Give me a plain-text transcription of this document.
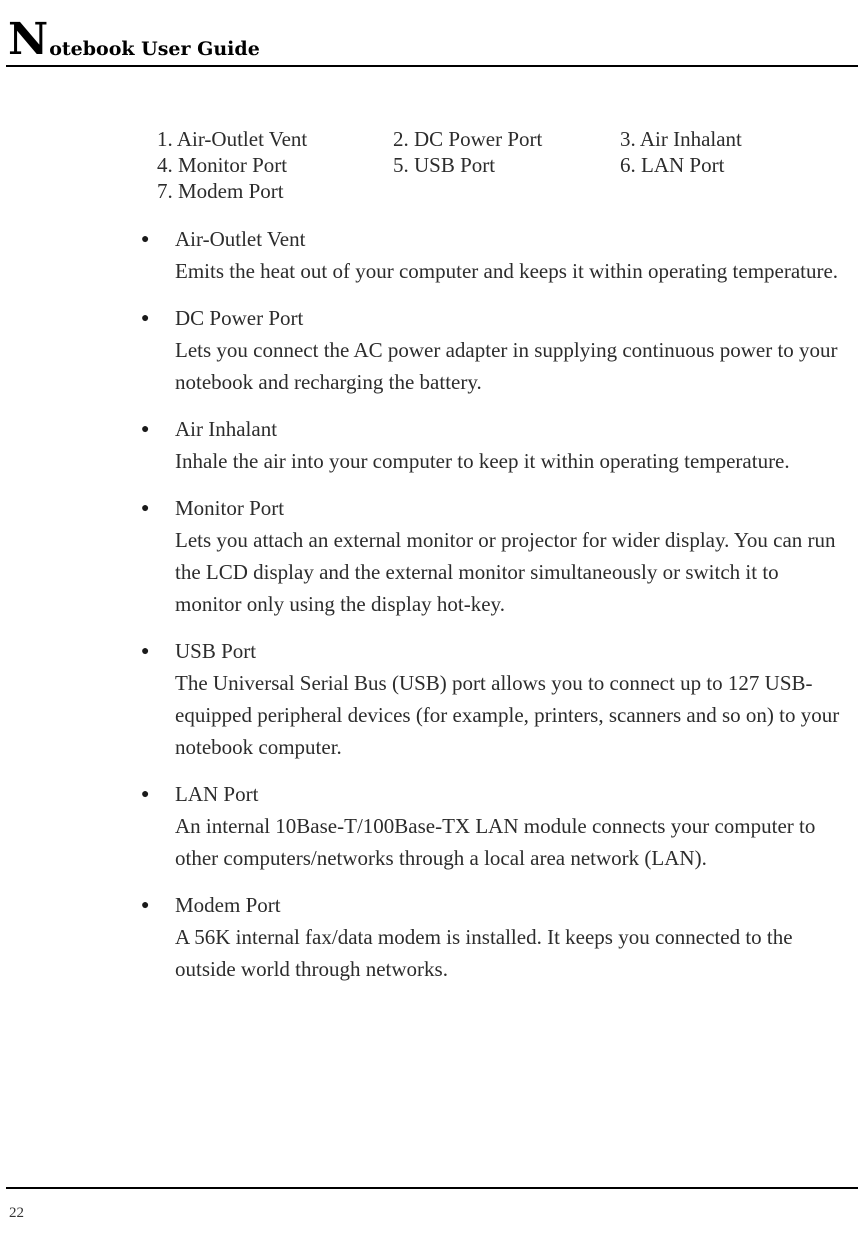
N otebook User Guide
1. Air-Outlet Vent	2. DC Power Port	3. Air Inhalant
4. Monitor Port	5. USB Port	6. LAN Port
7. Modem Port
● Air-Outlet Vent
Emits the heat out of your computer and keeps it within operating temperature.
● DC Power Port
Lets you connect the AC power adapter in supplying continuous power to your notebook and recharging the battery.
● Air Inhalant
Inhale the air into your computer to keep it within operating temperature.
● Monitor Port
Lets you attach an external monitor or projector for wider display. You can run the LCD display and the external monitor simultaneously or switch it to monitor only using the display hot-key.
● USB Port
The Universal Serial Bus (USB) port allows you to connect up to 127 USB-equipped peripheral devices (for example, printers, scanners and so on) to your notebook computer.
● LAN Port
An internal 10Base-T/100Base-TX LAN module connects your computer to other computers/networks through a local area network (LAN).
● Modem Port
A 56K internal fax/data modem is installed. It keeps you connected to the outside world through networks.
22
